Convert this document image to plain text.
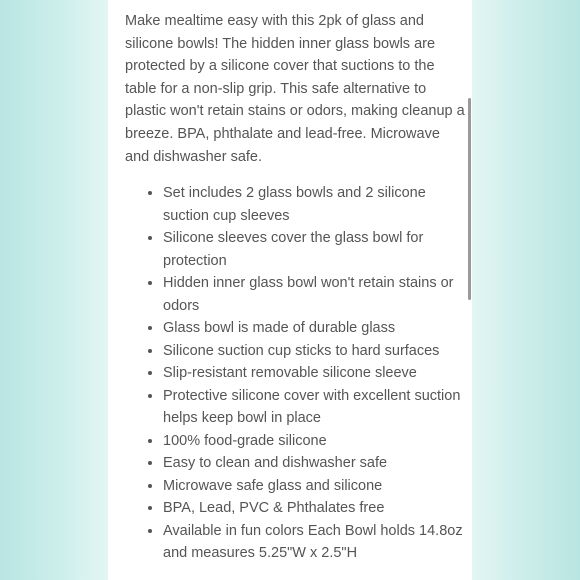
Make mealtime easy with this 2pk of glass and silicone bowls! The hidden inner glass bowls are protected by a silicone cover that suctions to the table for a non-slip grip. This safe alternative to plastic won't retain stains or odors, making cleanup a breeze. BPA, phthalate and lead-free. Microwave and dishwasher safe.

• Set includes 2 glass bowls and 2 silicone suction cup sleeves
• Silicone sleeves cover the glass bowl for protection
• Hidden inner glass bowl won't retain stains or odors
• Glass bowl is made of durable glass
• Silicone suction cup sticks to hard surfaces
• Slip-resistant removable silicone sleeve
• Protective silicone cover with excellent suction helps keep bowl in place
• 100% food-grade silicone
• Easy to clean and dishwasher safe
• Microwave safe glass and silicone
• BPA, Lead, PVC & Phthalates free
• Available in fun colors Each Bowl holds 14.8oz and measures 5.25"W x 2.5"H
